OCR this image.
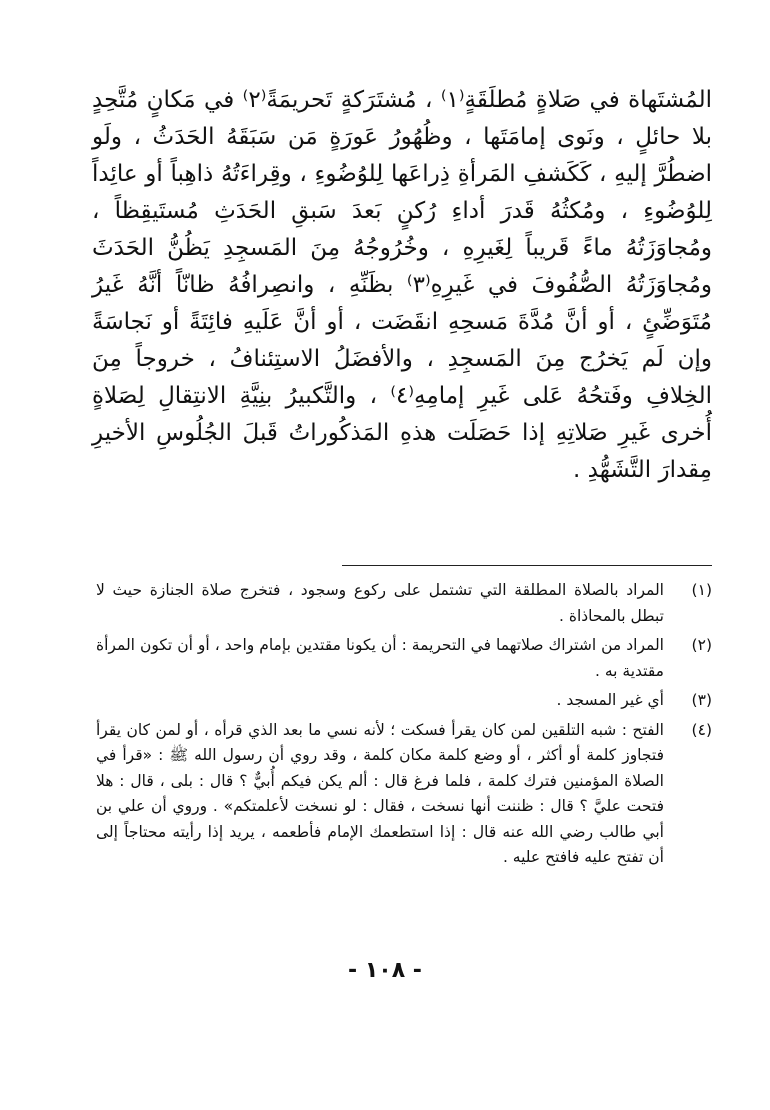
المُشتَهاة في صَلاةٍ مُطلَقَةٍ⁽١⁾ ، مُشتَرَكةٍ تَحريمَةً⁽٢⁾ في مَكانٍ مُتَّحِدٍ بلا حائلٍ ، ونَوى إمامَتَها ، وظُهُورُ عَورَةٍ مَن سَبَقَهُ الحَدَثُ ، ولَو اضطُرَّ إليهِ ، كَكَشفِ المَرأةِ ذِراعَها لِلوُضُوءِ ، وقِراءَتُهُ ذاهِباً أو عائِداً لِلوُضُوءِ ، ومُكثُهُ قَدرَ أداءِ رُكنٍ بَعدَ سَبقِ الحَدَثِ مُستَيقِظاً ، ومُجاوَزَتُهُ ماءً قَريباً لِغَيرِهِ ، وخُرُوجُهُ مِنَ المَسجِدِ يَظُنُّ الحَدَثَ ومُجاوَزَتُهُ الصُّفُوفَ في غَيرِهِ⁽٣⁾ بظَنِّهِ ، وانصِرافُهُ ظانّاً أنَّهُ غَيرُ مُتَوَضِّئٍ ، أو أنَّ مُدَّةَ مَسحِهِ انقَضَت ، أو أنَّ عَلَيهِ فائِتَةً أو نَجاسَةً وإن لَم يَخرُج مِنَ المَسجِدِ ، والأفضَلُ الاستِئنافُ ، خروجاً مِنَ الخِلافِ وفَتحُهُ عَلى غَيرِ إمامِهِ⁽٤⁾ ، والتَّكبيرُ بنِيَّةِ الانتِقالِ لِصَلاةٍ أُخرى غَيرِ صَلاتِهِ إذا حَصَلَت هذهِ المَذكُوراتُ قَبلَ الجُلُوسِ الأخيرِ مِقدارَ التَّشَهُّدِ .

(١)
المراد بالصلاة المطلقة التي تشتمل على ركوع وسجود ، فتخرج صلاة الجنازة حيث لا تبطل بالمحاذاة .
(٢)
المراد من اشتراك صلاتهما في التحريمة : أن يكونا مقتدين بإمام واحد ، أو أن تكون المرأة مقتدية به .
(٣)
أي غير المسجد .
(٤)
الفتح : شبه التلقين لمن كان يقرأ فسكت ؛ لأنه نسي ما بعد الذي قرأه ، أو لمن كان يقرأ فتجاوز كلمة أو أكثر ، أو وضع كلمة مكان كلمة ، وقد روي أن رسول الله ﷺ : «قرأ في الصلاة المؤمنين فترك كلمة ، فلما فرغ قال : ألم يكن فيكم أُبيٌّ ؟ قال : بلى ، قال : هلا فتحت عليَّ ؟ قال : ظننت أنها نسخت ، فقال : لو نسخت لأعلمتكم» . وروي أن علي بن أبي طالب رضي الله عنه قال : إذا استطعمك الإمام فأطعمه ، يريد إذا رأيته محتاجاً إلى أن تفتح عليه فافتح عليه .
- ١٠٨ -
